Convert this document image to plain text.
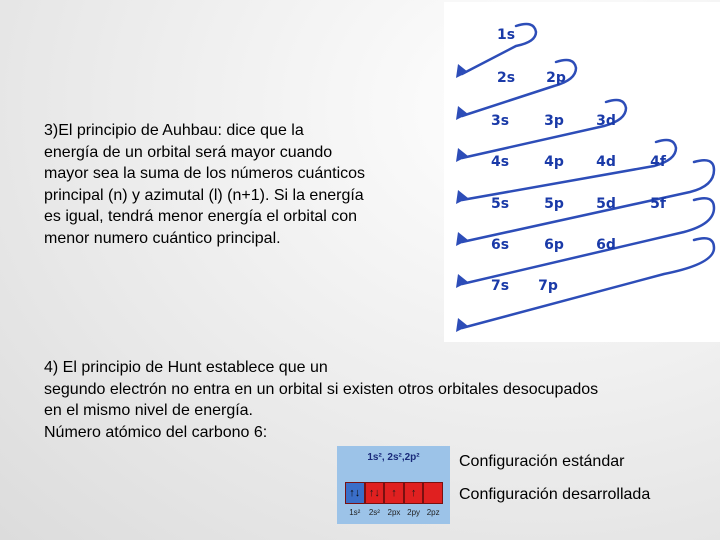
3)El principio de Auhbau: dice que la
energía de un orbital será mayor cuando
mayor sea la suma de los números cuánticos
principal (n) y azimutal (l) (n+1). Si la energía
es igual, tendrá menor energía el orbital con
menor numero cuántico principal.
1s
2s	2p
3s	3p	3d
4s	4p	4d	4f
5s	5p	5d	5f
6s	6p	6d
7s	7p
4) El principio de Hunt establece que un
segundo electrón no entra en un orbital si existen otros orbitales desocupados
en el mismo nivel de energía.
Número atómico del carbono 6:
1s², 2s²,2p²
↑↓ ↑↓	↑	↑
1s²	2s² 2px 2py 2pz
Configuración estándar
Configuración desarrollada
